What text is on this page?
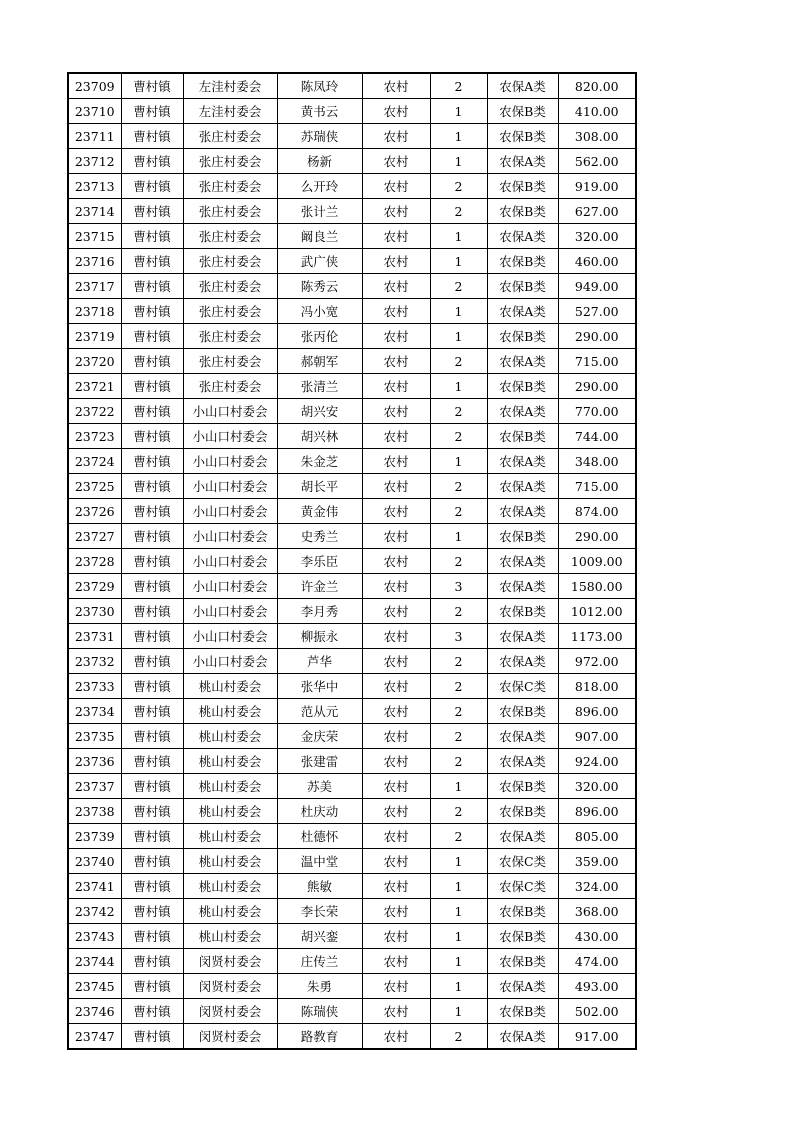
23709	曹村镇	左洼村委会	陈凤玲	农村	2	农保A类	820.00
23710	曹村镇	左洼村委会	黄书云	农村	1	农保B类	410.00
23711	曹村镇	张庄村委会	苏瑞侠	农村	1	农保B类	308.00
23712	曹村镇	张庄村委会	杨新	农村	1	农保A类	562.00
23713	曹村镇	张庄村委会	么开玲	农村	2	农保B类	919.00
23714	曹村镇	张庄村委会	张计兰	农村	2	农保B类	627.00
23715	曹村镇	张庄村委会	阚良兰	农村	1	农保A类	320.00
23716	曹村镇	张庄村委会	武广侠	农村	1	农保B类	460.00
23717	曹村镇	张庄村委会	陈秀云	农村	2	农保B类	949.00
23718	曹村镇	张庄村委会	冯小宽	农村	1	农保A类	527.00
23719	曹村镇	张庄村委会	张丙伦	农村	1	农保B类	290.00
23720	曹村镇	张庄村委会	郝朝军	农村	2	农保A类	715.00
23721	曹村镇	张庄村委会	张清兰	农村	1	农保B类	290.00
23722	曹村镇	小山口村委会	胡兴安	农村	2	农保A类	770.00
23723	曹村镇	小山口村委会	胡兴林	农村	2	农保B类	744.00
23724	曹村镇	小山口村委会	朱金芝	农村	1	农保A类	348.00
23725	曹村镇	小山口村委会	胡长平	农村	2	农保A类	715.00
23726	曹村镇	小山口村委会	黄金伟	农村	2	农保A类	874.00
23727	曹村镇	小山口村委会	史秀兰	农村	1	农保B类	290.00
23728	曹村镇	小山口村委会	李乐臣	农村	2	农保A类	1009.00
23729	曹村镇	小山口村委会	许金兰	农村	3	农保A类	1580.00
23730	曹村镇	小山口村委会	李月秀	农村	2	农保B类	1012.00
23731	曹村镇	小山口村委会	柳振永	农村	3	农保A类	1173.00
23732	曹村镇	小山口村委会	芦华	农村	2	农保A类	972.00
23733	曹村镇	桃山村委会	张华中	农村	2	农保C类	818.00
23734	曹村镇	桃山村委会	范从元	农村	2	农保B类	896.00
23735	曹村镇	桃山村委会	金庆荣	农村	2	农保A类	907.00
23736	曹村镇	桃山村委会	张建雷	农村	2	农保A类	924.00
23737	曹村镇	桃山村委会	苏美	农村	1	农保B类	320.00
23738	曹村镇	桃山村委会	杜庆动	农村	2	农保B类	896.00
23739	曹村镇	桃山村委会	杜德怀	农村	2	农保A类	805.00
23740	曹村镇	桃山村委会	温中堂	农村	1	农保C类	359.00
23741	曹村镇	桃山村委会	熊敏	农村	1	农保C类	324.00
23742	曹村镇	桃山村委会	李长荣	农村	1	农保B类	368.00
23743	曹村镇	桃山村委会	胡兴銮	农村	1	农保B类	430.00
23744	曹村镇	闵贤村委会	庄传兰	农村	1	农保B类	474.00
23745	曹村镇	闵贤村委会	朱勇	农村	1	农保A类	493.00
23746	曹村镇	闵贤村委会	陈瑞侠	农村	1	农保B类	502.00
23747	曹村镇	闵贤村委会	路教育	农村	2	农保A类	917.00
